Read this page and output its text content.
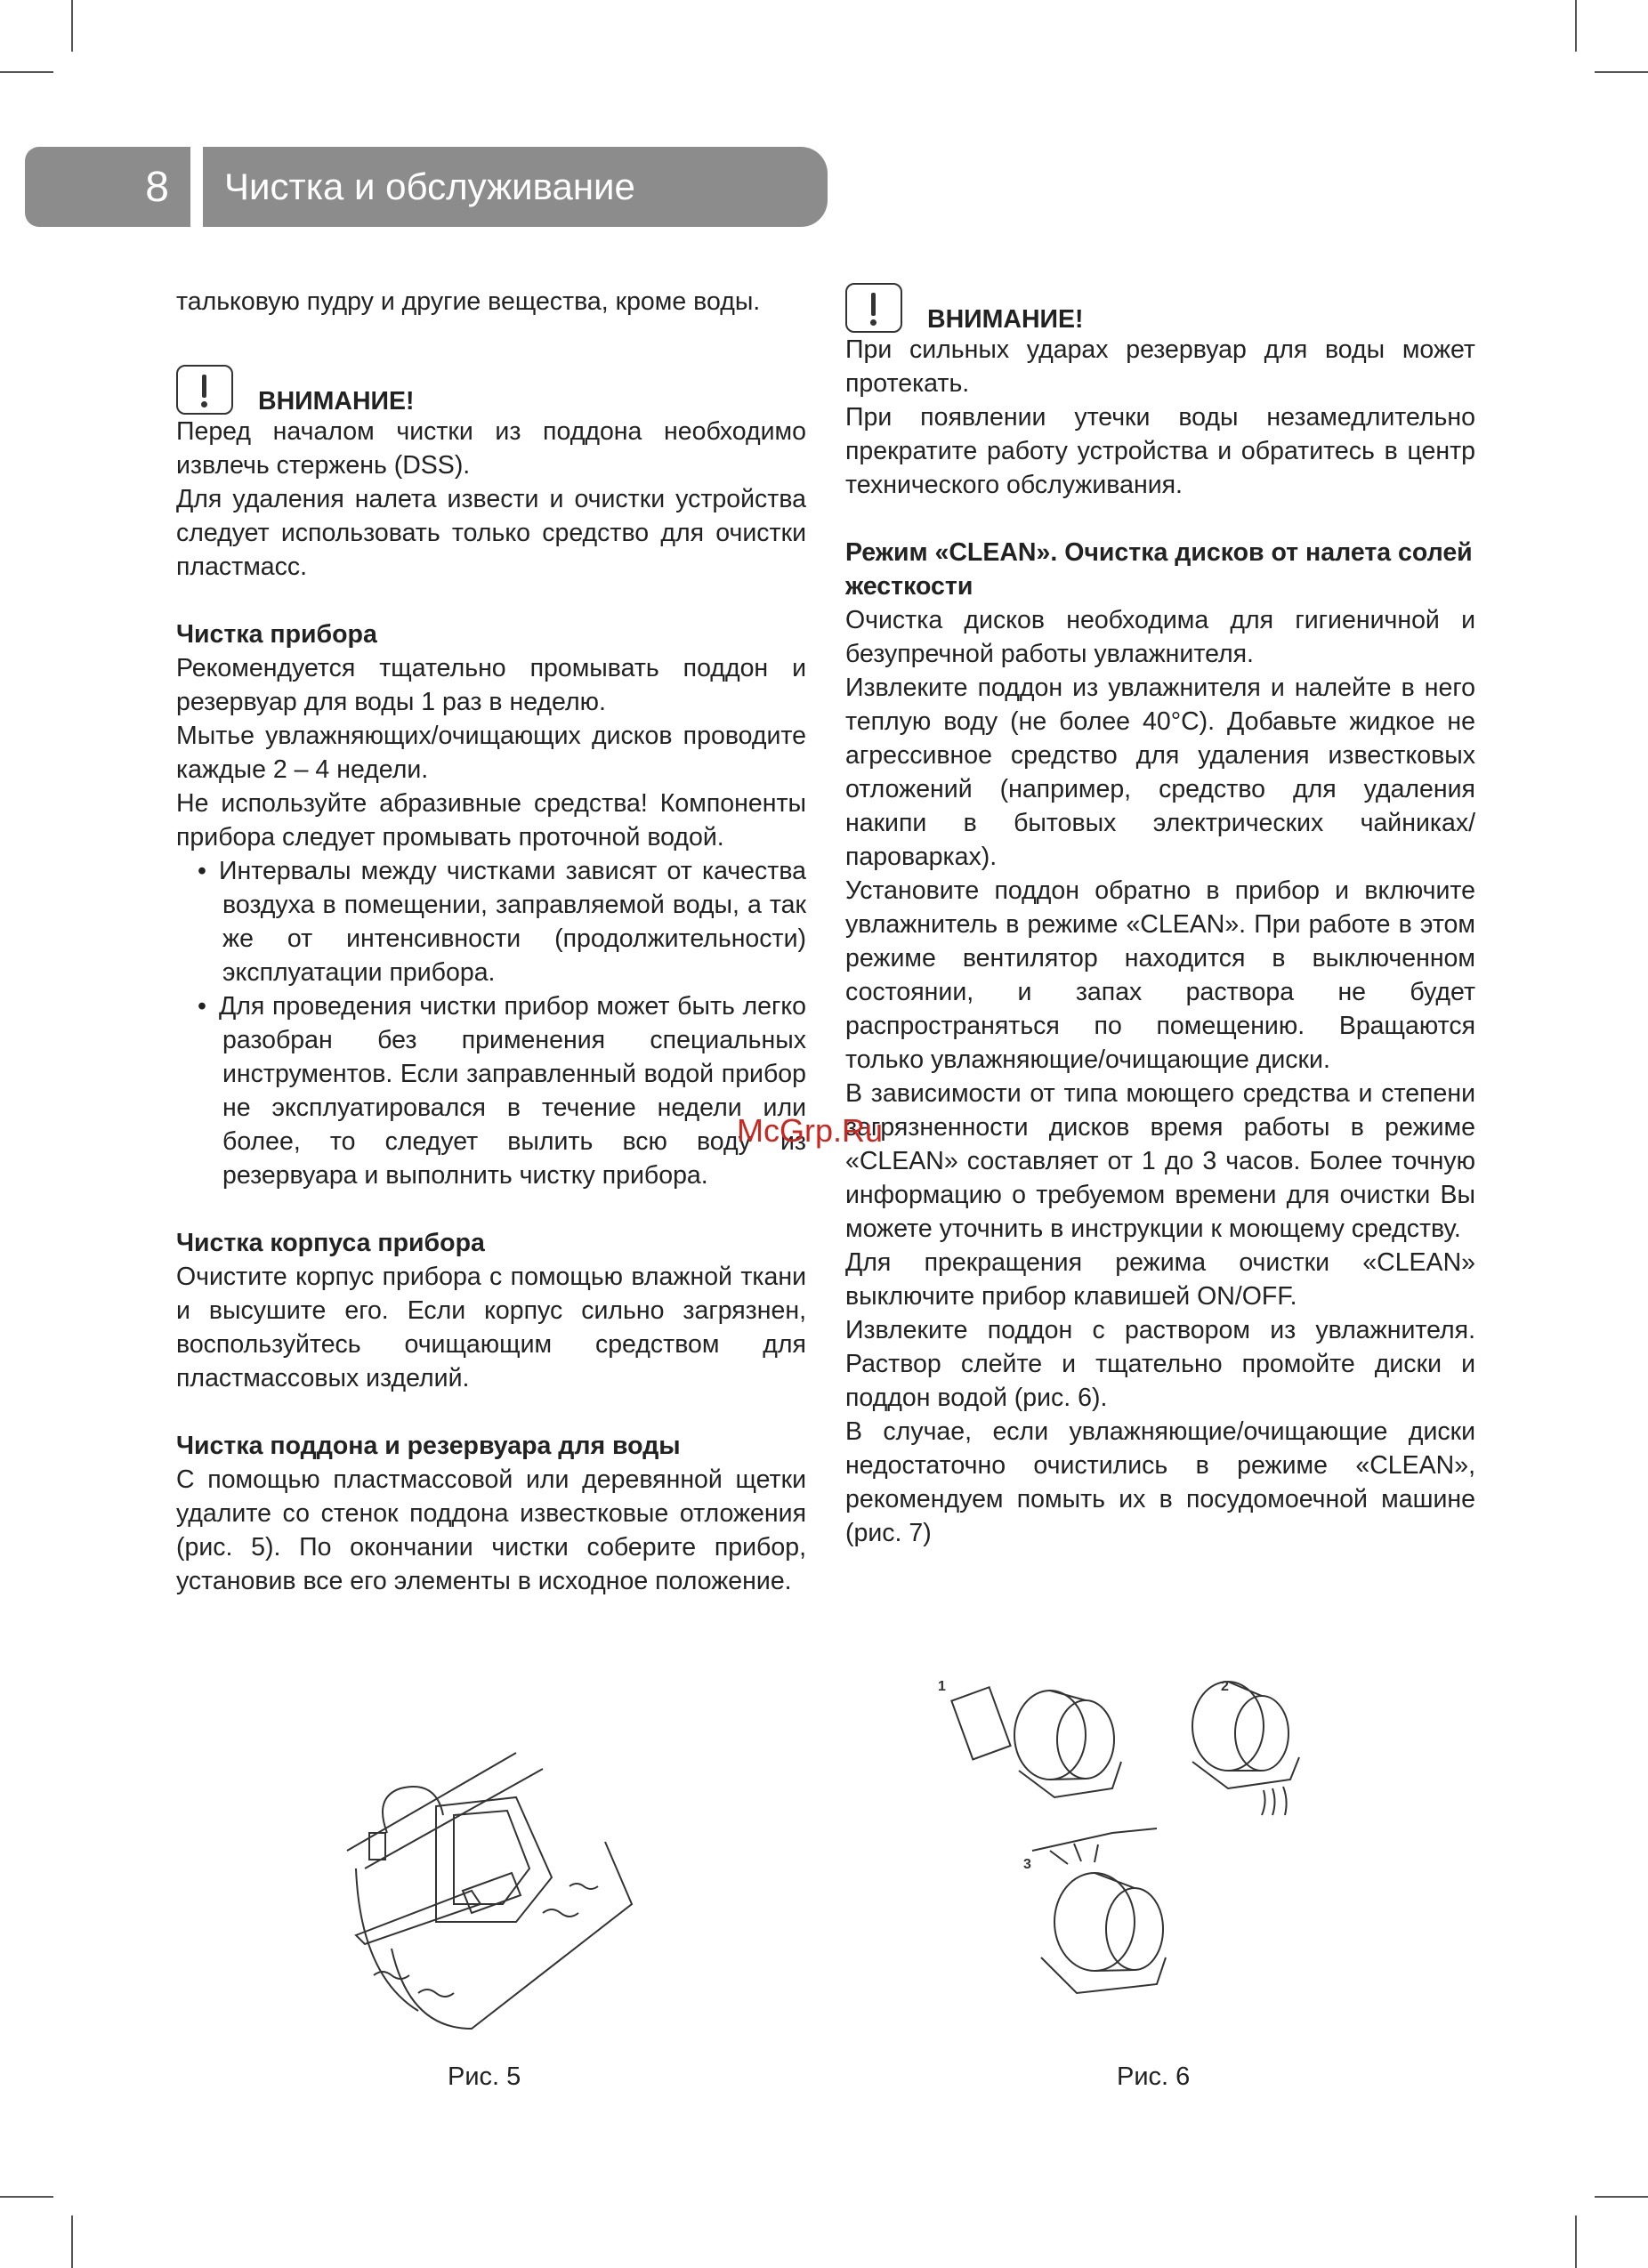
8	Чистка и обслуживание

тальковую пудру и другие вещества, кроме воды.

ВНИМАНИЕ!

Перед началом чистки из поддона необходимо извлечь стержень (DSS).

Для удаления налета извести и очистки устройства следует использовать только средство для очистки пластмасс.

Чистка прибора

Рекомендуется тщательно промывать поддон и резервуар для воды 1 раз в неделю.

Мытье увлажняющих/очищающих дисков проводите каждые 2 – 4 недели.

Не используйте абразивные средства! Компоненты прибора следует промывать проточной водой.

• Интервалы между чистками зависят от качества воздуха в помещении, заправляемой воды, а так же от интенсивности (продолжительности) эксплуатации прибора.
• Для проведения чистки прибор может быть легко разобран без применения специальных инструментов. Если заправленный водой прибор не эксплуатировался в течение недели или более, то следует вылить всю воду из резервуара и выполнить чистку прибора.
Чистка корпуса прибора

Очистите корпус прибора с помощью влажной ткани и высушите его. Если корпус сильно загрязнен, воспользуйтесь очищающим средством для пластмассовых изделий.

Чистка поддона и резервуара для воды

С помощью пластмассовой или деревянной щетки удалите со стенок поддона известковые отложения (рис. 5). По окончании чистки соберите прибор, установив все его элементы в исходное положение.

ВНИМАНИЕ!

При сильных ударах резервуар для воды может протекать.

При появлении утечки воды незамедлительно прекратите работу устройства и обратитесь в центр технического обслуживания.

Режим «CLEAN». Очистка дисков от налета солей жесткости

Очистка дисков необходима для гигиеничной и безупречной работы увлажнителя.

Извлеките поддон из увлажнителя и налейте в него теплую воду (не более 40°С). Добавьте жидкое не агрессивное средство для удаления известковых отложений (например, средство для удаления накипи в бытовых электрических чайниках/пароварках).

Установите поддон обратно в прибор и включите увлажнитель в режиме «CLEAN». При работе в этом режиме вентилятор находится в выключенном состоянии, и запах раствора не будет распространяться по помещению. Вращаются только увлажняющие/очищающие диски.

В зависимости от типа моющего средства и степени загрязненности дисков время работы в режиме «CLEAN» составляет от 1 до 3 часов. Более точную информацию о требуемом времени для очистки Вы можете уточнить в инструкции к моющему средству.

Для прекращения режима очистки «CLEAN» выключите прибор клавишей ON/OFF.

Извлеките поддон с раствором из увлажнителя. Раствор слейте и тщательно промойте диски и поддон водой (рис. 6).

В случае, если увлажняющие/очищающие диски недостаточно очистились в режиме «CLEAN», рекомендуем помыть их в посудомоечной машине (рис. 7)

McGrp.Ru
Рис. 5
1	2
3
Рис. 6
